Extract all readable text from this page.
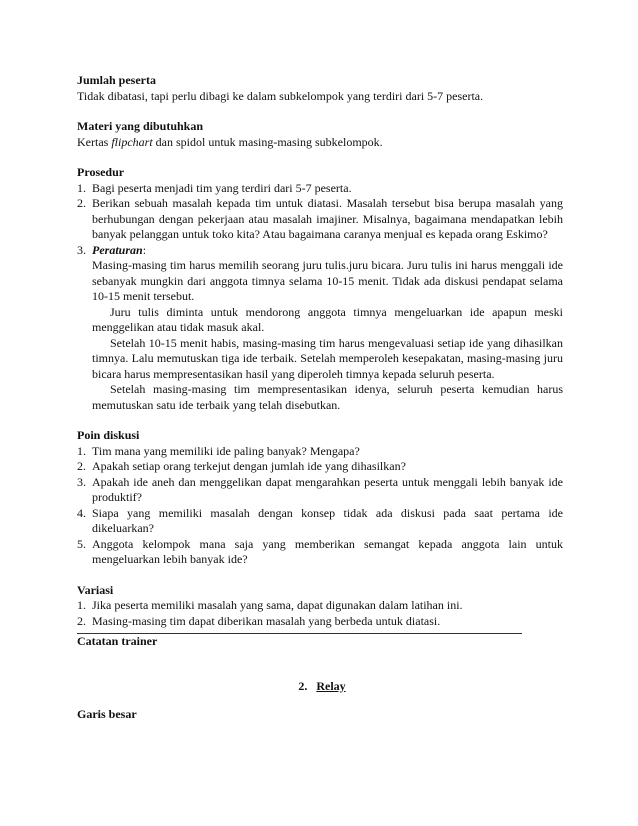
Jumlah peserta

Tidak dibatasi, tapi perlu dibagi ke dalam subkelompok yang terdiri dari 5-7 peserta.

Materi yang dibutuhkan

Kertas flipchart dan spidol untuk masing-masing subkelompok.

Prosedur

1. Bagi peserta menjadi tim yang terdiri dari 5-7 peserta.
2. Berikan sebuah masalah kepada tim untuk diatasi. Masalah tersebut bisa berupa masalah yang berhubungan dengan pekerjaan atau masalah imajiner. Misalnya, bagaimana mendapatkan lebih banyak pelanggan untuk toko kita? Atau bagaimana caranya menjual es kepada orang Eskimo?
3. Peraturan:

Masing-masing tim harus memilih seorang juru tulis.juru bicara. Juru tulis ini harus menggali ide sebanyak mungkin dari anggota timnya selama 10-15 menit. Tidak ada diskusi pendapat selama 10-15 menit tersebut.

Juru tulis diminta untuk mendorong anggota timnya mengeluarkan ide apapun meski menggelikan atau tidak masuk akal.

Setelah 10-15 menit habis, masing-masing tim harus mengevaluasi setiap ide yang dihasilkan timnya. Lalu memutuskan tiga ide terbaik. Setelah memperoleh kesepakatan, masing-masing juru bicara harus mempresentasikan hasil yang diperoleh timnya kepada seluruh peserta.

Setelah masing-masing tim mempresentasikan idenya, seluruh peserta kemudian harus memutuskan satu ide terbaik yang telah disebutkan.

Poin diskusi

1. Tim mana yang memiliki ide paling banyak? Mengapa?
2. Apakah setiap orang terkejut dengan jumlah ide yang dihasilkan?
3. Apakah ide aneh dan menggelikan dapat mengarahkan peserta untuk menggali lebih banyak ide produktif?
4. Siapa yang memiliki masalah dengan konsep tidak ada diskusi pada saat pertama ide dikeluarkan?
5. Anggota kelompok mana saja yang memberikan semangat kepada anggota lain untuk mengeluarkan lebih banyak ide?

Variasi

1. Jika peserta memiliki masalah yang sama, dapat digunakan dalam latihan ini.
2. Masing-masing tim dapat diberikan masalah yang berbeda untuk diatasi.

Catatan trainer

2. Relay

Garis besar
